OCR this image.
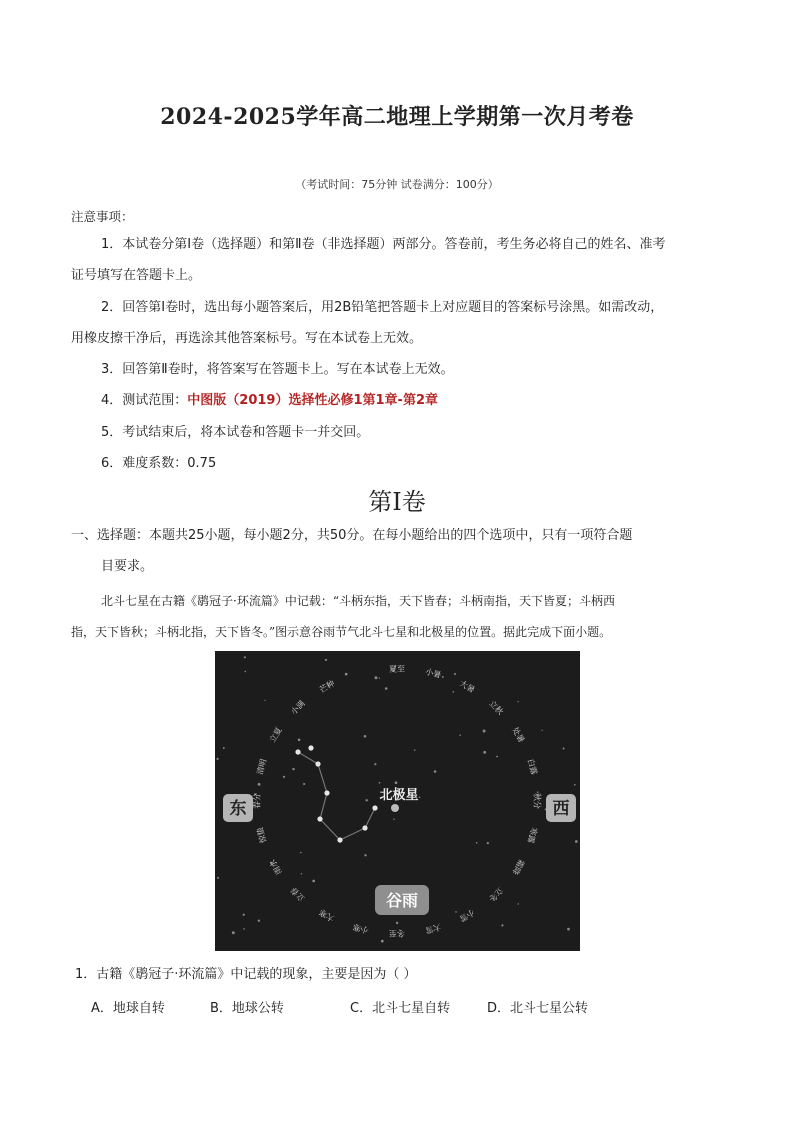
2024-2025学年高二地理上学期第一次月考卷
（考试时间：75分钟 试卷满分：100分）
注意事项：
1．本试卷分第Ⅰ卷（选择题）和第Ⅱ卷（非选择题）两部分。答卷前，考生务必将自己的姓名、准考
证号填写在答题卡上。
2．回答第Ⅰ卷时，选出每小题答案后，用2B铅笔把答题卡上对应题目的答案标号涂黑。如需改动，
用橡皮擦干净后，再选涂其他答案标号。写在本试卷上无效。
3．回答第Ⅱ卷时，将答案写在答题卡上。写在本试卷上无效。
4．测试范围：中图版（2019）选择性必修1第1章-第2章
5．考试结束后，将本试卷和答题卡一并交回。
6．难度系数：0.75
第Ⅰ卷
一、选择题：本题共25小题，每小题2分，共50分。在每小题给出的四个选项中，只有一项符合题
目要求。
北斗七星在古籍《鹖冠子·环流篇》中记载：“斗柄东指，天下皆春；斗柄南指，天下皆夏；斗柄西
指，天下皆秋；斗柄北指，天下皆冬。”图示意谷雨节气北斗七星和北极星的位置。据此完成下面小题。
夏至 小暑
大暑
立秋
处暑
白露
秋分
寒露
霜降
立冬
小雪
大雪
冬至
小寒
大寒
立春
雨水
惊蛰
春分
清明
立夏
小满
芒种
北极星
东	西
谷雨
1．古籍《鹖冠子·环流篇》中记载的现象，主要是因为（ ）
A．地球自转	B．地球公转	C．北斗七星自转	D．北斗七星公转
